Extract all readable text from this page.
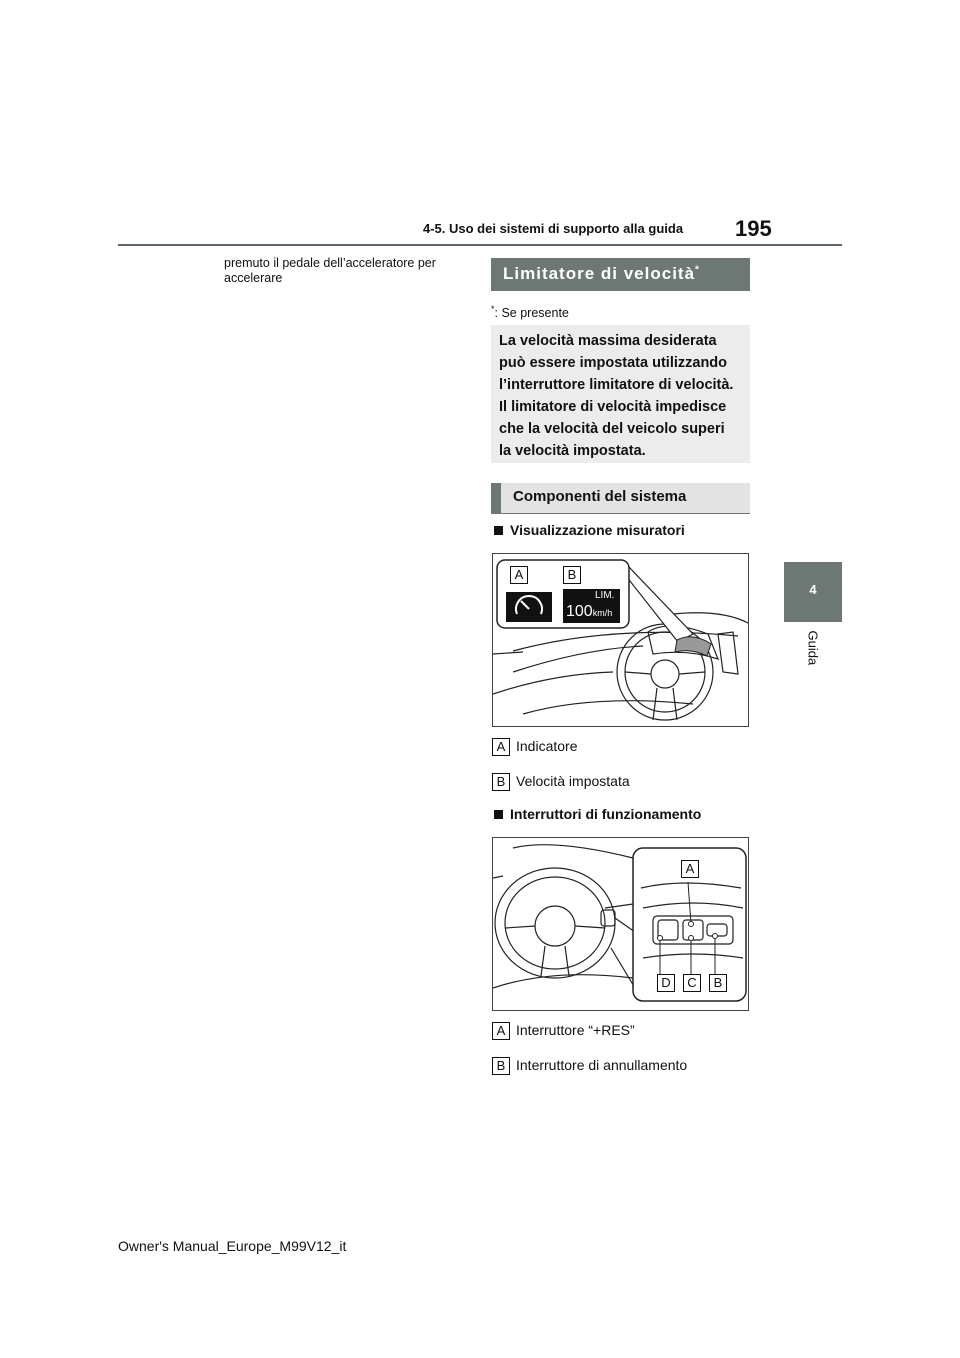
4-5. Uso dei sistemi di supporto alla guida 195
4
Guida
premuto il pedale dell’acceleratore per accelerare	Limitatore di velocità*
*: Se presente
La velocità massima desiderata
può essere impostata utilizzando
l’interruttore limitatore di velocità.
Il limitatore di velocità impedisce
che la velocità del veicolo superi
la velocità impostata.
Componenti del sistema
Visualizzazione misuratori
A	B
LIM.
100km/h
A Indicatore
B Velocità impostata
Interruttori di funzionamento
A
D	C	B
A Interruttore “+RES”
B Interruttore di annullamento
Owner's Manual_Europe_M99V12_it
